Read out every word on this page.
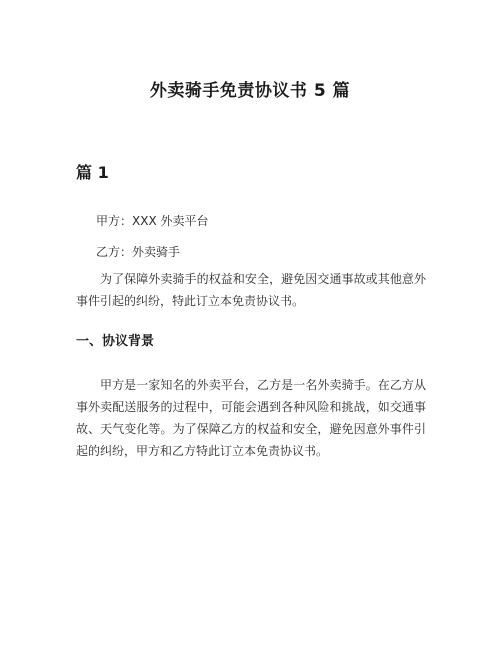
外卖骑手免责协议书 5 篇
篇 1
甲方：XXX 外卖平台
乙方：外卖骑手
为了保障外卖骑手的权益和安全，避免因交通事故或其他意外事件引起的纠纷，特此订立本免责协议书。
一、协议背景
甲方是一家知名的外卖平台，乙方是一名外卖骑手。在乙方从事外卖配送服务的过程中，可能会遇到各种风险和挑战，如交通事故、天气变化等。为了保障乙方的权益和安全，避免因意外事件引起的纠纷，甲方和乙方特此订立本免责协议书。
